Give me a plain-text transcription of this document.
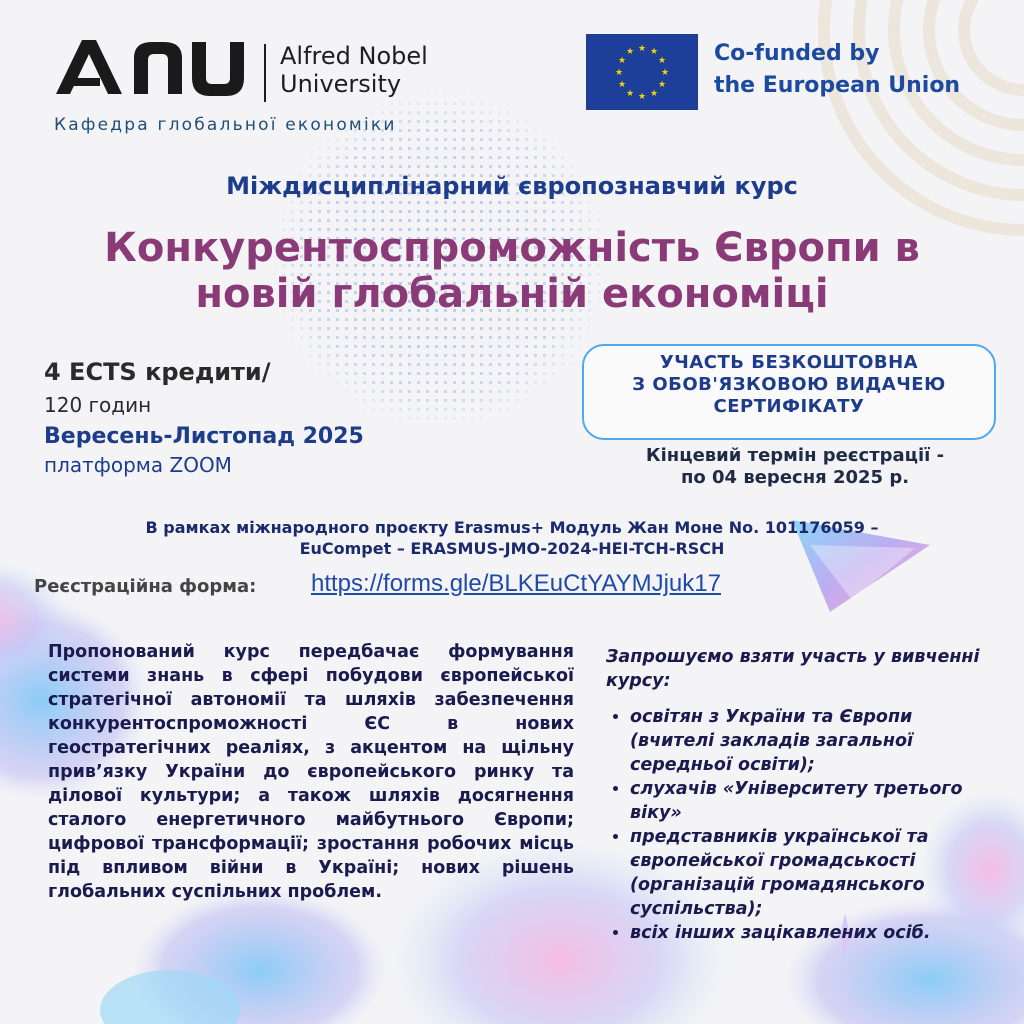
Alfred Nobel
University
Кафедра глобальної економіки
★ ★
★
★
★
★
★
★
★
★
★
★	Co-funded by
the European Union
Міждисциплінарний європознавчий курс
Конкурентоспроможність Європи в
новій глобальній економіці
4 ECTS кредити/
120 годин
Вересень-Листопад 2025
платформа ZOOM
УЧАСТЬ БЕЗКОШТОВНА
З ОБОВ'ЯЗКОВОЮ ВИДАЧЕЮ
СЕРТИФІКАТУ
Кінцевий термін реєстрації -
по 04 вересня 2025 р.
В рамках міжнародного проєкту Erasmus+ Модуль Жан Моне No. 101176059 –
EuCompet – ERASMUS-JMO-2024-HEI-TCH-RSCH
Реєстраційна форма: https://forms.gle/BLKEuCtYAYMJjuk17
Пропонований курс передбачає формування системи знань в сфері побудови європейської стратегічної автономії та шляхів забезпечення конкурентоспроможності ЄС в нових геостратегічних реаліях, з акцентом на щільну прив’язку України до європейського ринку та ділової культури; а також шляхів досягнення сталого енергетичного майбутнього Європи; цифрової трансформації; зростання робочих місць під впливом війни в Україні; нових рішень глобальних суспільних проблем.
Запрошуємо взяти участь у вивченні курсу:
• освітян з України та Європи (вчителі закладів загальної середньої освіти);
• слухачів «Університету третього віку»
• представників української та європейської громадськості (організацій громадянського суспільства);
• всіх інших зацікавлених осіб.
